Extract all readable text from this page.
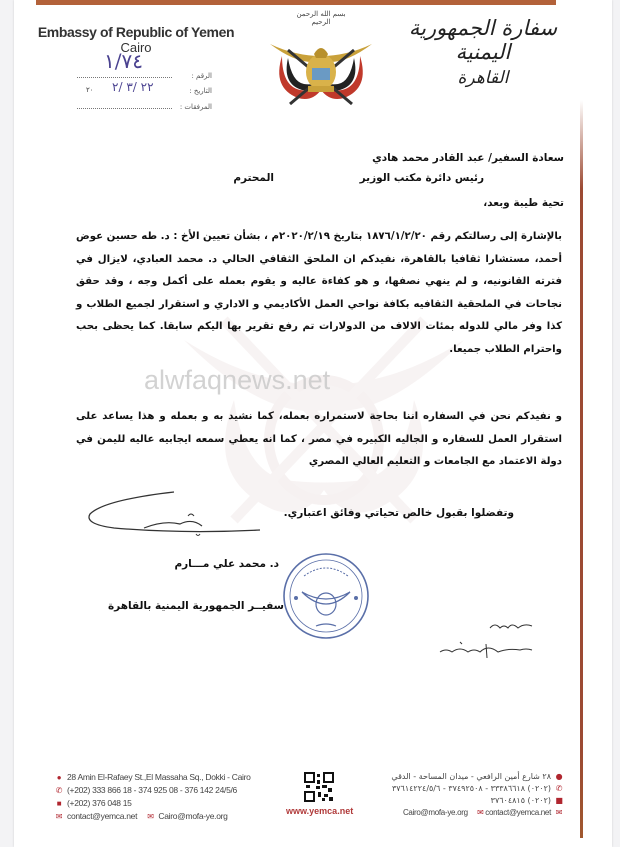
alwfaqnews.net
Embassy of Republic of Yemen
Cairo
الرقم :
١/٧٤
التاريخ :
٢٢ /٣ /٢
٢٠
المرفقات :
بسم الله الرحمن الرحيم	سفارة الجمهورية اليمنية
القاهرة
سعادة السفير/ عبد القادر محمد هادي
رئيس دائرة مكتب الوزير
المحترم
تحية طيبة وبعد،
بالإشارة إلى رسالتكم رقم ١٨٧٦/١/٢/٢٠ بتاريخ ٢٠٢٠/٢/١٩م ، بشأن تعيين الأخ : د. طه حسين عوض أحمد، مستشارا ثقافيا بالقاهرة، نفيدكم ان الملحق الثقافي الحالي د. محمد العبادي، لايزال في فترته القانونيه، و لم ينهي نصفها، و هو كفاءة عاليه و يقوم بعمله على أكمل وجه ، وقد حقق نجاحات في الملحقية الثقافيه بكافة نواحي العمل الأكاديمي و الاداري و استقرار لجميع الطلاب و كذا وفر مالي للدوله بمئات الالاف من الدولارات تم رفع تقرير بها اليكم سابقا. كما يحظى بحب واحترام الطلاب جميعا.
و نفيدكم نحن في السفاره اننا بحاجة لاستمراره بعمله، كما نشيد به و بعمله و هذا يساعد على استقرار العمل للسفاره و الجاليه الكبيره في مصر ، كما انه يعطي سمعه ايجابيه عاليه لليمن في دولة الاعتماد مع الجامعات و التعليم العالي المصري
وتفضلوا بقبول خالص تحياتي وفائق اعتباري.
د. محمد علي مـــارم
سفيــر الجمهورية اليمنية بالقاهرة
● 28 Amin El-Rafaey St.,El Massaha Sq., Dokki - Cairo
✆ (+202) 333 866 18 - 374 925 08 - 376 142 24/5/6
■ (+202) 376 048 15
✉ contact@yemca.net ✉ Cairo@mofa-ye.org	www.yemca.net
●٢٨ شارع أمين الرافعي - ميدان المساحة - الدقي
✆(٠٢٠٢) ٣٣٣٨٦٦١٨ - ٣٧٤٩٢٥٠٨ - ٣٧٦١٤٢٢٤/٥/٦
■(٠٢٠٢) ٣٧٦٠٤٨١٥
✉Cairo@mofa-ye.org ✉ contact@yemca.net
